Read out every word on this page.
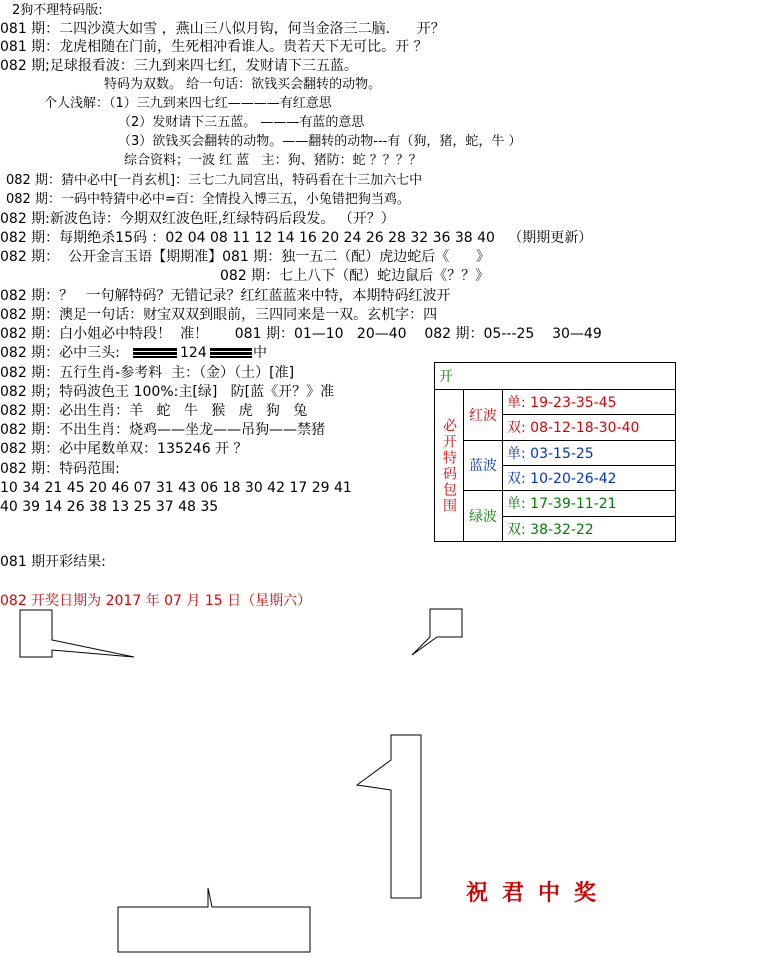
2狗不理特码版:
081 期：二四沙漠大如雪 ，燕山三八似月钩，何当金洛三二脑.      开？
081 期：龙虎相随在门前，生死相冲看谁人。贵若天下无可比。开 ？
082 期;足球报看波：三九到来四七红，发财请下三五蓝。
特码为双数。 给一句话：欲钱买会翻转的动物。
个人浅解：（1）三九到来四七红————有红意思
（2）发财请下三五蓝。 ———有蓝的意思
（3）欲钱买会翻转的动物。——翻转的动物---有（狗，猪，蛇，牛 ）
综合资料；一波 红 蓝   主：狗、猪防：蛇 ？？？？
082 期：猜中必中[一肖玄机]：三七二九同宫出，特码看在十三加六七中
082 期：一码中特猜中必中=百：全情投入博三五，小兔错把狗当鸡。
082 期:新波色诗：今期双红波色旺,红绿特码后段发。 （开？）
082 期：每期绝杀15码 ：02 04 08 11 12 14 16 20 24 26 28 32 36 38 40   （期期更新）
082 期：  公开金言玉语【期期准】081 期：独一五二（配）虎边蛇后《      》
082 期：七上八下（配）蛇边鼠后《？？》
082 期：？   一句解特码？无错记录？红红蓝蓝来中特，本期特码红波开
082 期：澳足一句话：财宝双双到眼前，三四同来是一双。玄机字：四
082 期：白小姐必中特段！  准！      081 期：01—10   20—40    082 期：05---25    30—49
082 期：必中三头:	124	中
082 期：五行生肖-参考料  主：（金）（土）[准]
082 期；特码波色王 100%:主[绿]   防[蓝《开？》准
082 期：必出生肖：羊   蛇   牛   猴   虎   狗   兔
082 期：不出生肖：烧鸡——坐龙——吊狗——禁猪
082 期：必中尾数单双：135246 开 ？
082 期：特码范围:
10 34 21 45 20 46 07 31 43 06 18 30 42 17 29 41
40 39 14 26 38 13 25 37 48 35
081 期开彩结果:
082 开奖日期为 2017 年 07 月 15 日（星期六）
开		
必开特码包围	红波	单: 19-23-35-45
		双: 08-12-18-30-40
	蓝波	单: 03-15-25
		双: 10-20-26-42
	绿波	单: 17-39-11-21
		双: 38-32-22
祝君中奖
